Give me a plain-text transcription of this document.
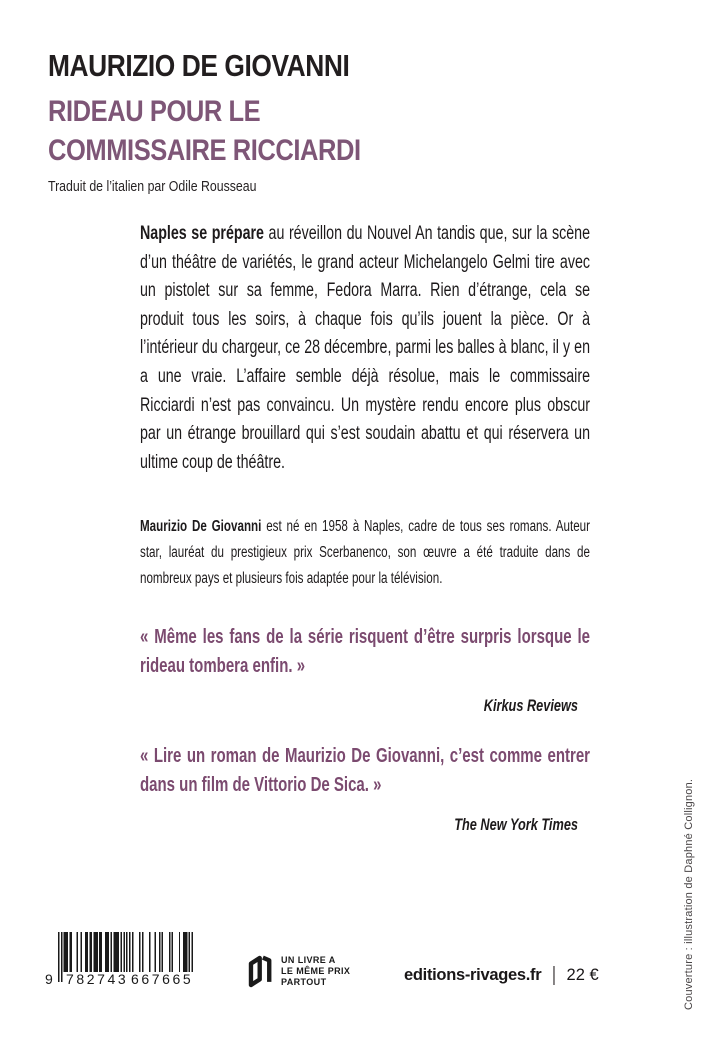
MAURIZIO DE GIOVANNI
RIDEAU POUR LE
COMMISSAIRE RICCIARDI
Traduit de l’italien par Odile Rousseau

Naples se prépare au réveillon du Nouvel An tandis que, sur la scène d’un théâtre de variétés, le grand acteur Michelangelo Gelmi tire avec un pistolet sur sa femme, Fedora Marra. Rien d’étrange, cela se produit tous les soirs, à chaque fois qu’ils jouent la pièce. Or à l’intérieur du chargeur, ce 28 décembre, parmi les balles à blanc, il y en a une vraie. L’affaire semble déjà résolue, mais le commissaire Ricciardi n’est pas convaincu. Un mystère rendu encore plus obscur par un étrange brouillard qui s’est soudain abattu et qui réservera un ultime coup de théâtre.

Maurizio De Giovanni est né en 1958 à Naples, cadre de tous ses romans. Auteur star, lauréat du prestigieux prix Scerbanenco, son œuvre a été traduite dans de nombreux pays et plusieurs fois adaptée pour la télévision.

« Même les fans de la série risquent d’être surpris lorsque le rideau tombera enfin. »

Kirkus Reviews

« Lire un roman de Maurizio De Giovanni, c’est comme entrer dans un film de Vittorio De Sica. »

The New York Times
9 782743 667665
UN LIVRE A
LE MÊME PRIX
PARTOUT	editions-rivages.fr | 22 €	Couverture : illustration de Daphné Collignon.
